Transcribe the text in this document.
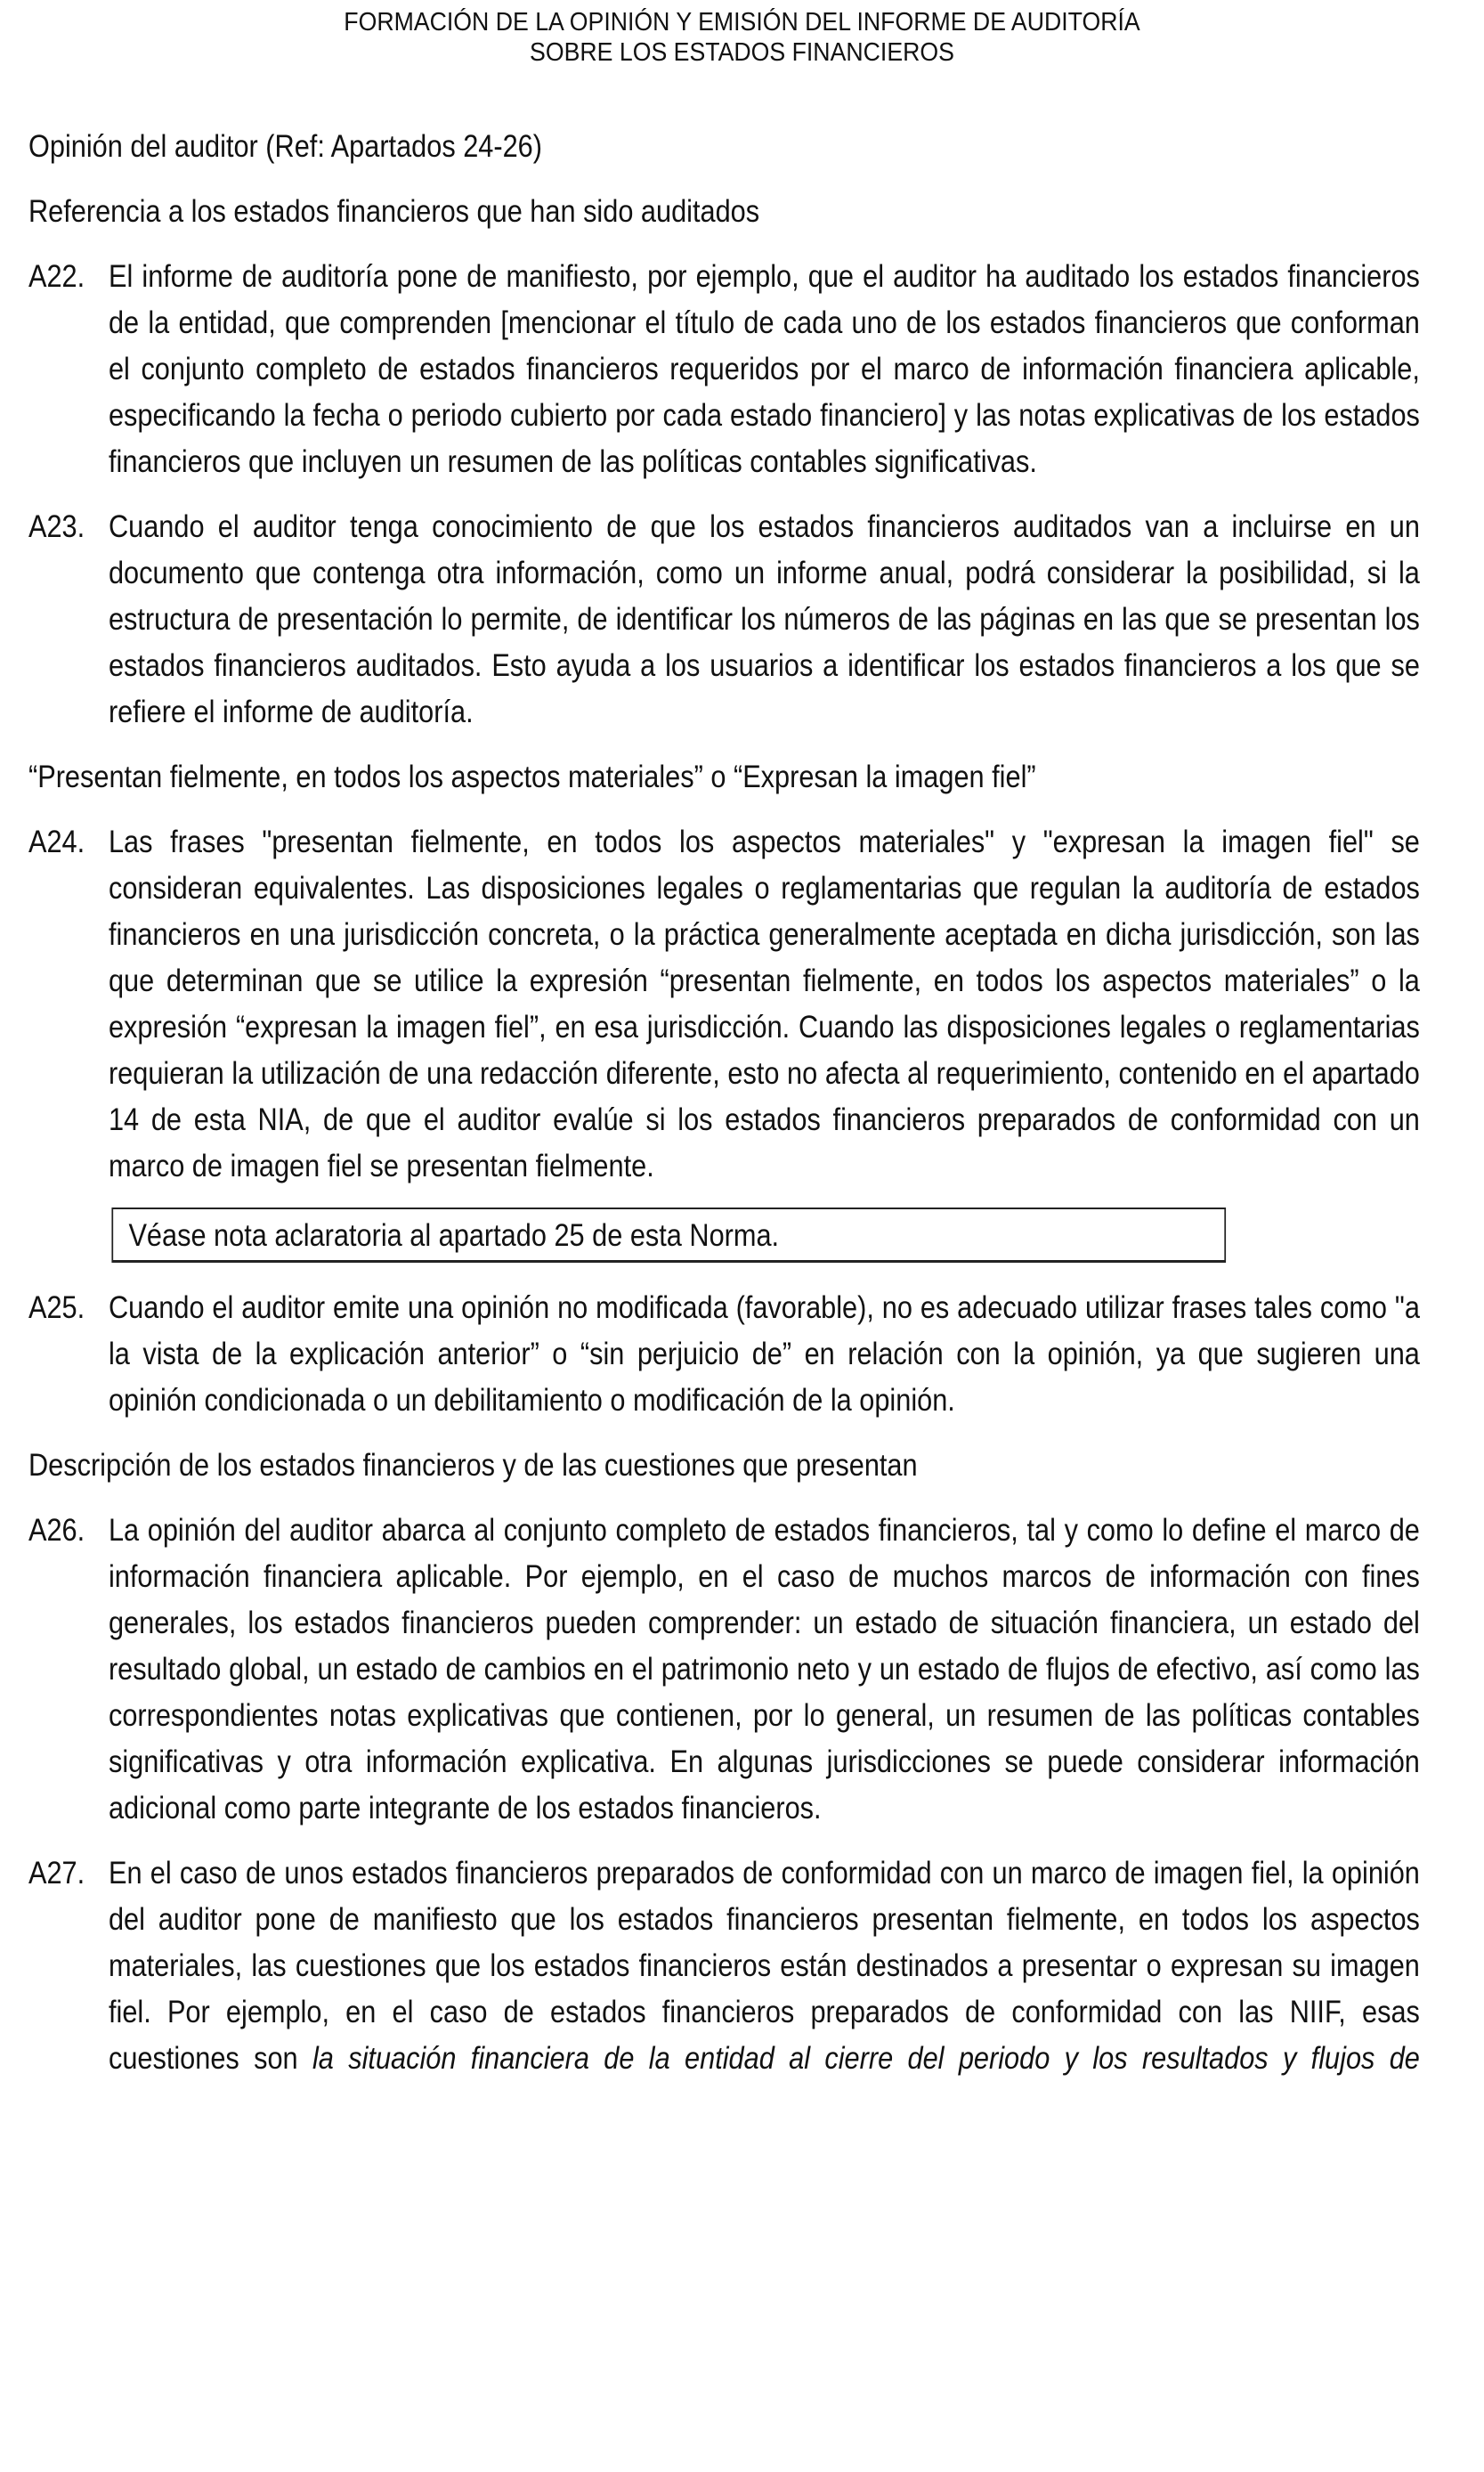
FORMACIÓN DE LA OPINIÓN Y EMISIÓN DEL INFORME DE AUDITORÍA
SOBRE LOS ESTADOS FINANCIEROS

Opinión del auditor (Ref: Apartados 24-26)

Referencia a los estados financieros que han sido auditados

A22. El informe de auditoría pone de manifiesto, por ejemplo, que el auditor ha auditado los estados financieros de la entidad, que comprenden [mencionar el título de cada uno de los estados financieros que conforman el conjunto completo de estados financieros requeridos por el marco de información financiera aplicable, especificando la fecha o periodo cubierto por cada estado financiero] y las notas explicativas de los estados financieros que incluyen un resumen de las políticas contables significativas.
A23. Cuando el auditor tenga conocimiento de que los estados financieros auditados van a incluirse en un documento que contenga otra información, como un informe anual, podrá considerar la posibilidad, si la estructura de presentación lo permite, de identificar los números de las páginas en las que se presentan los estados financieros auditados. Esto ayuda a los usuarios a identificar los estados financieros a los que se refiere el informe de auditoría.

“Presentan fielmente, en todos los aspectos materiales” o “Expresan la imagen fiel”

A24. Las frases "presentan fielmente, en todos los aspectos materiales" y "expresan la imagen fiel" se consideran equivalentes. Las disposiciones legales o reglamentarias que regulan la auditoría de estados financieros en una jurisdicción concreta, o la práctica generalmente aceptada en dicha jurisdicción, son las que determinan que se utilice la expresión “presentan fielmente, en todos los aspectos materiales” o la expresión “expresan la imagen fiel”, en esa jurisdicción. Cuando las disposiciones legales o reglamentarias requieran la utilización de una redacción diferente, esto no afecta al requerimiento, contenido en el apartado 14 de esta NIA, de que el auditor evalúe si los estados financieros preparados de conformidad con un marco de imagen fiel se presentan fielmente.
Véase nota aclaratoria al apartado 25 de esta Norma.
A25. Cuando el auditor emite una opinión no modificada (favorable), no es adecuado utilizar frases tales como "a la vista de la explicación anterior” o “sin perjuicio de” en relación con la opinión, ya que sugieren una opinión condicionada o un debilitamiento o modificación de la opinión.

Descripción de los estados financieros y de las cuestiones que presentan

A26. La opinión del auditor abarca al conjunto completo de estados financieros, tal y como lo define el marco de información financiera aplicable. Por ejemplo, en el caso de muchos marcos de información con fines generales, los estados financieros pueden comprender: un estado de situación financiera, un estado del resultado global, un estado de cambios en el patrimonio neto y un estado de flujos de efectivo, así como las correspondientes notas explicativas que contienen, por lo general, un resumen de las políticas contables significativas y otra información explicativa. En algunas jurisdicciones se puede considerar información adicional como parte integrante de los estados financieros.
A27. En el caso de unos estados financieros preparados de conformidad con un marco de imagen fiel, la opinión del auditor pone de manifiesto que los estados financieros presentan fielmente, en todos los aspectos materiales, las cuestiones que los estados financieros están destinados a presentar o expresan su imagen fiel. Por ejemplo, en el caso de estados financieros preparados de conformidad con las NIIF, esas cuestiones son la situación financiera de la entidad al cierre del periodo y los resultados y flujos de
